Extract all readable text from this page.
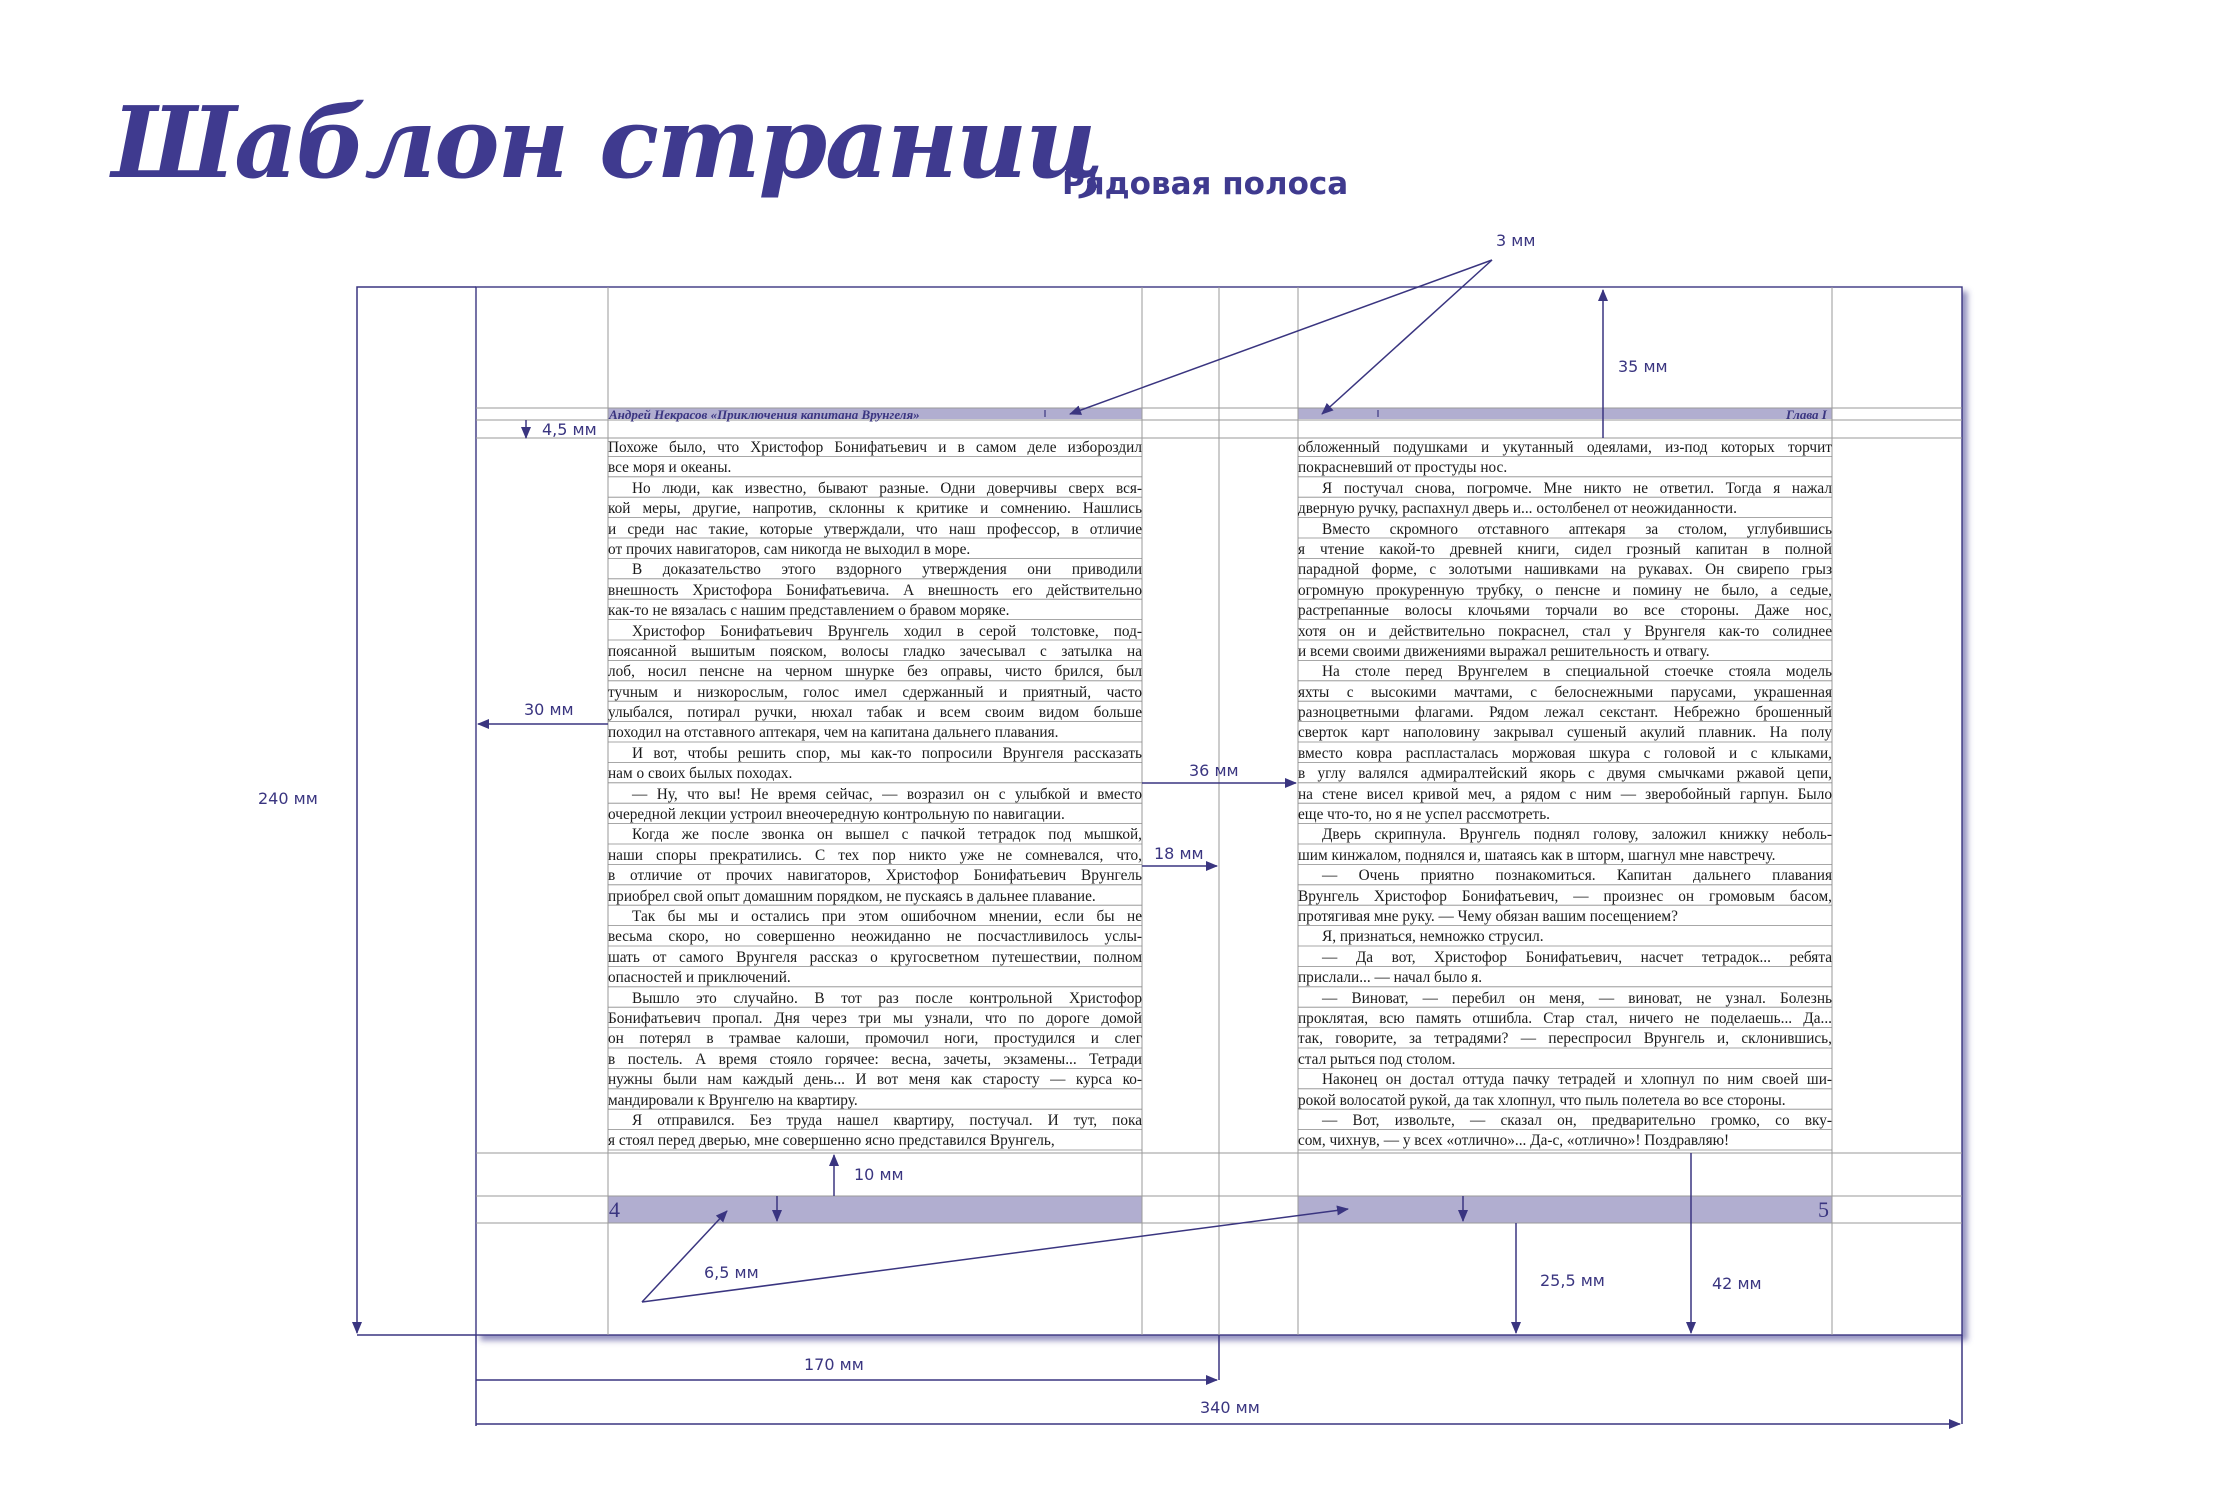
Шаблон страниц
Рядовая полоса
Андрей Некрасов «Приключения капитана Врунгеля»	Глава I
Похоже было, что Христофор Бонифатьевич и в самом деле избороздил
все моря и океаны.
Но люди, как известно, бывают разные. Одни доверчивы сверх вся-
кой меры, другие, напротив, склонны к критике и сомнению. Нашлись
и среди нас такие, которые утверждали, что наш профессор, в отличие
от прочих навигаторов, сам никогда не выходил в море.
В доказательство этого вздорного утверждения они приводили
внешность Христофора Бонифатьевича. А внешность его действительно
как-то не вязалась с нашим представлением о бравом моряке.
Христофор Бонифатьевич Врунгель ходил в серой толстовке, под-
поясанной вышитым пояском, волосы гладко зачесывал с затылка на
лоб, носил пенсне на черном шнурке без оправы, чисто брился, был
тучным и низкорослым, голос имел сдержанный и приятный, часто
улыбался, потирал ручки, нюхал табак и всем своим видом больше
походил на отставного аптекаря, чем на капитана дальнего плавания.
И вот, чтобы решить спор, мы как-то попросили Врунгеля рассказать
нам о своих былых походах.
— Ну, что вы! Не время сейчас, — возразил он с улыбкой и вместо
очередной лекции устроил внеочередную контрольную по навигации.
Когда же после звонка он вышел с пачкой тетрадок под мышкой,
наши споры прекратились. С тех пор никто уже не сомневался, что,
в отличие от прочих навигаторов, Христофор Бонифатьевич Врунгель
приобрел свой опыт домашним порядком, не пускаясь в дальнее плавание.
Так бы мы и остались при этом ошибочном мнении, если бы не
весьма скоро, но совершенно неожиданно не посчастливилось услы-
шать от самого Врунгеля рассказ о кругосветном путешествии, полном
опасностей и приключений.
Вышло это случайно. В тот раз после контрольной Христофор
Бонифатьевич пропал. Дня через три мы узнали, что по дороге домой
он потерял в трамвае калоши, промочил ноги, простудился и слег
в постель. А время стояло горячее: весна, зачеты, экзамены... Тетради
нужны были нам каждый день... И вот меня как старосту — курса ко-
мандировали к Врунгелю на квартиру.
Я отправился. Без труда нашел квартиру, постучал. И тут, пока
я стоял перед дверью, мне совершенно ясно представился Врунгель,
обложенный подушками и укутанный одеялами, из-под которых торчит
покрасневший от простуды нос.
Я постучал снова, погромче. Мне никто не ответил. Тогда я нажал
дверную ручку, распахнул дверь и... остолбенел от неожиданности.
Вместо скромного отставного аптекаря за столом, углубившись
я чтение какой-то древней книги, сидел грозный капитан в полной
парадной форме, с золотыми нашивками на рукавах. Он свирепо грыз
огромную прокуренную трубку, о пенсне и помину не было, а седые,
растрепанные волосы клочьями торчали во все стороны. Даже нос,
хотя он и действительно покраснел, стал у Врунгеля как-то солиднее
и всеми своими движениями выражал решительность и отвагу.
На столе перед Врунгелем в специальной стоечке стояла модель
яхты с высокими мачтами, с белоснежными парусами, украшенная
разноцветными флагами. Рядом лежал секстант. Небрежно брошенный
сверток карт наполовину закрывал сушеный акулий плавник. На полу
вместо ковра распласталась моржовая шкура с головой и с клыками,
в углу валялся адмиралтейский якорь с двумя смычками ржавой цепи,
на стене висел кривой меч, а рядом с ним — зверобойный гарпун. Было
еще что-то, но я не успел рассмотреть.
Дверь скрипнула. Врунгель поднял голову, заложил книжку неболь-
шим кинжалом, поднялся и, шатаясь как в шторм, шагнул мне навстречу.
— Очень приятно познакомиться. Капитан дальнего плавания
Врунгель Христофор Бонифатьевич, — произнес он громовым басом,
протягивая мне руку. — Чему обязан вашим посещением?
Я, признаться, немножко струсил.
— Да вот, Христофор Бонифатьевич, насчет тетрадок... ребята
прислали... — начал было я.
— Виноват, — перебил он меня, — виноват, не узнал. Болезнь
проклятая, всю память отшибла. Стар стал, ничего не поделаешь... Да...
так, говорите, за тетрадями? — переспросил Врунгель и, склонившись,
стал рыться под столом.
Наконец он достал оттуда пачку тетрадей и хлопнул по ним своей ши-
рокой волосатой рукой, да так хлопнул, что пыль полетела во все стороны.
— Вот, извольте, — сказал он, предварительно громко, со вку-
сом, чихнув, — у всех «отлично»... Да-с, «отлично»! Поздравляю!
4	5
3 мм
35 мм
4,5 мм
30 мм
36 мм
18 мм
10 мм
6,5 мм	25,5 мм	42 мм
240 мм
170 мм
340 мм
